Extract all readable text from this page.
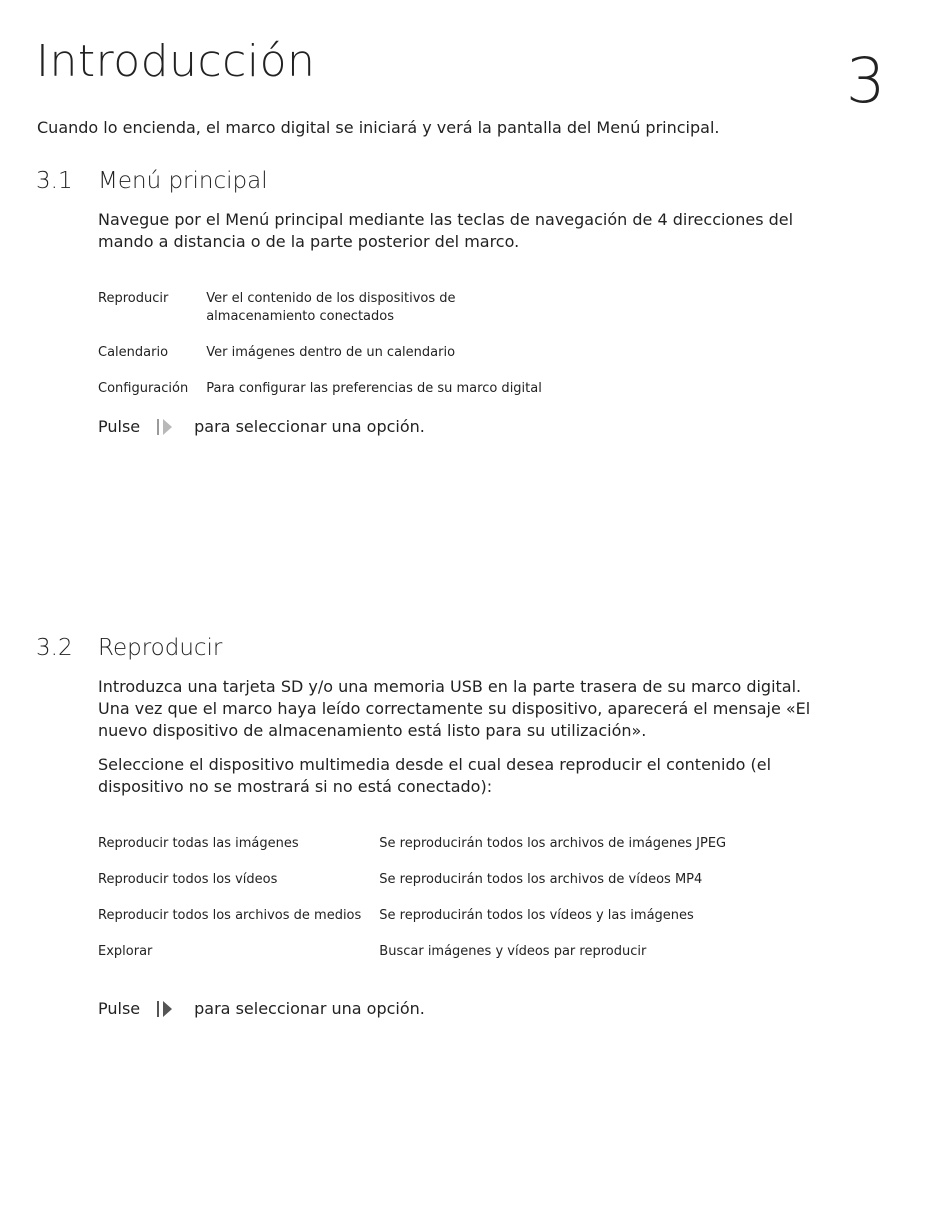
Introducción	3

Cuando lo encienda, el marco digital se iniciará y verá la pantalla del Menú principal.

3.1 Menú principal

Navegue por el Menú principal mediante las teclas de navegación de 4 direcciones del mando a distancia o de la parte posterior del marco.

Reproducir	Ver el contenido de los dispositivos de
almacenamiento conectados
Calendario	Ver imágenes dentro de un calendario
Configuración	Para configurar las preferencias de su marco digital

Pulse	para seleccionar una opción.

3.2 Reproducir

Introduzca una tarjeta SD y/o una memoria USB en la parte trasera de su marco digital. Una vez que el marco haya leído correctamente su dispositivo, aparecerá el mensaje «El nuevo dispositivo de almacenamiento está listo para su utilización».

Seleccione el dispositivo multimedia desde el cual desea reproducir el contenido (el dispositivo no se mostrará si no está conectado):

Reproducir todas las imágenes	Se reproducirán todos los archivos de imágenes JPEG
Reproducir todos los vídeos	Se reproducirán todos los archivos de vídeos MP4
Reproducir todos los archivos de medios	Se reproducirán todos los vídeos y las imágenes
Explorar	Buscar imágenes y vídeos par reproducir

Pulse	para seleccionar una opción.
